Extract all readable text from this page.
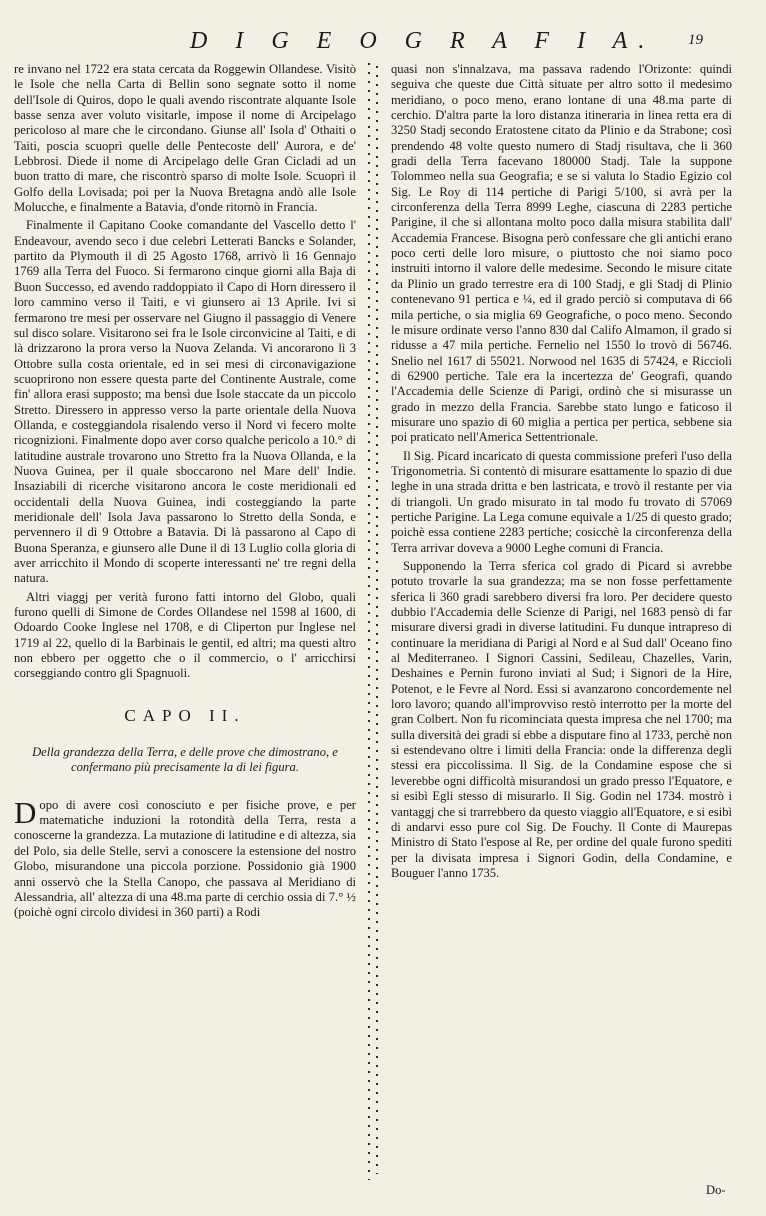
D I G E O G R A F I A. 19

re invano nel 1722 era stata cercata da Roggewin Ollandese. Visitò le Isole che nella Carta di Bellin sono segnate sotto il nome dell'Isole di Quiros, dopo le quali avendo riscontrate alquante Isole basse senza aver voluto visitarle, impose il nome di Arcipelago pericoloso al mare che le circondano. Giunse all' Isola d' Othaiti o Taiti, poscia scuoprì quelle delle Pentecoste dell' Aurora, e de' Lebbrosi. Diede il nome di Arcipelago delle Gran Cicladi ad un buon tratto di mare, che riscontrò sparso di molte Isole. Scuoprì il Golfo della Lovisada; poi per la Nuova Bretagna andò alle Isole Molucche, e finalmente a Batavia, d'onde ritornò in Francia.

Finalmente il Capitano Cooke comandante del Vascello detto l' Endeavour, avendo seco i due celebri Letterati Bancks e Solander, partito da Plymouth il dì 25 Agosto 1768, arrivò lì 16 Gennajo 1769 alla Terra del Fuoco. Si fermarono cinque giorni alla Baja di Buon Successo, ed avendo raddoppiato il Capo di Horn diressero il loro cammino verso il Taiti, e vi giunsero ai 13 Aprile. Ivi si fermarono tre mesi per osservare nel Giugno il passaggio di Venere sul disco solare. Visitarono sei fra le Isole circonvicine al Taiti, e di là drizzarono la prora verso la Nuova Zelanda. Vi ancorarono lì 3 Ottobre sulla costa orientale, ed in sei mesi di circonavigazione scuoprirono non essere questa parte del Continente Australe, come fin' allora erasi supposto; ma bensì due Isole staccate da un piccolo Stretto. Diressero in appresso verso la parte orientale della Nuova Ollanda, e costeggiandola risalendo verso il Nord vi fecero molte ricognizioni. Finalmente dopo aver corso qualche pericolo a 10.° di latitudine australe trovarono uno Stretto fra la Nuova Ollanda, e la Nuova Guinea, per il quale sboccarono nel Mare dell' Indie. Insaziabili di ricerche visitarono ancora le coste meridionali ed occidentali della Nuova Guinea, indi costeggiando la parte meridionale dell' Isola Java passarono lo Stretto della Sonda, e pervennero il dì 9 Ottobre a Batavia. Di là passarono al Capo di Buona Speranza, e giunsero alle Dune il dì 13 Luglio colla gloria di aver arricchito il Mondo di scoperte interessanti ne' tre regni della natura.

Altri viaggj per verità furono fatti intorno del Globo, quali furono quelli di Simone de Cordes Ollandese nel 1598 al 1600, di Odoardo Cooke Inglese nel 1708, e di Cliperton pur Inglese nel 1719 al 22, quello di la Barbinais le gentil, ed altri; ma questi altro non ebbero per oggetto che o il commercio, o l' arricchirsi corseggiando contro gli Spagnuoli.

CAPO II.
Della grandezza della Terra, e delle prove che dimostrano, e confermano più precisamente la di lei figura.

Dopo di avere così conosciuto e per fisiche prove, e per matematiche induzioni la rotondità della Terra, resta a conoscerne la grandezza. La mutazione di latitudine e di altezza, sia del Polo, sia delle Stelle, servì a conoscere la estensione del nostro Globo, misurandone una piccola porzione. Possidonio già 1900 anni osservò che la Stella Canopo, che passava al Meridiano di Alessandria, all' altezza di una 48.ma parte di cerchio ossia di 7.° ½ (poichè ogni circolo dividesi in 360 parti) a Rodi

quasi non s'innalzava, ma passava radendo l'Orizonte: quindi seguiva che queste due Città situate per altro sotto il medesimo meridiano, o poco meno, erano lontane di una 48.ma parte di cerchio. D'altra parte la loro distanza itineraria in linea retta era di 3250 Stadj secondo Eratostene citato da Plinio e da Strabone; così prendendo 48 volte questo numero di Stadj risultava, che li 360 gradi della Terra facevano 180000 Stadj. Tale la suppone Tolommeo nella sua Geografia; e se si valuta lo Stadio Egizio col Sig. Le Roy di 114 pertiche di Parigi 5/100, si avrà per la circonferenza della Terra 8999 Leghe, ciascuna di 2283 pertiche Parigine, il che si allontana molto poco dalla misura stabilita dall' Accademia Francese. Bisogna però confessare che gli antichi erano poco certi delle loro misure, o piuttosto che noi siamo poco instruiti intorno il valore delle medesime. Secondo le misure citate da Plinio un grado terrestre era di 100 Stadj, e gli Stadj di Plinio contenevano 91 pertica e ¼, ed il grado perciò si computava di 66 mila pertiche, o sia miglia 69 Geografiche, o poco meno. Secondo le misure ordinate verso l'anno 830 dal Califo Almamon, il grado si ridusse a 47 mila pertiche. Fernelio nel 1550 lo trovò di 56746. Snelio nel 1617 di 55021. Norwood nel 1635 di 57424, e Riccioli di 62900 pertiche. Tale era la incertezza de' Geografi, quando l'Accademia delle Scienze di Parigi, ordinò che si misurasse un grado in mezzo della Francia. Sarebbe stato lungo e faticoso il misurare uno spazio di 60 miglia a pertica per pertica, sebbene sia poi praticato nell'America Settentrionale.

Il Sig. Picard incaricato di questa commissione preferì l'uso della Trigonometria. Si contentò di misurare esattamente lo spazio di due leghe in una strada dritta e ben lastricata, e trovò il restante per via di triangoli. Un grado misurato in tal modo fu trovato di 57069 pertiche Parigine. La Lega comune equivale a 1/25 di questo grado; poichè essa contiene 2283 pertiche; cosicchè la circonferenza della Terra arrivar doveva a 9000 Leghe comuni di Francia.

Supponendo la Terra sferica col grado di Picard si avrebbe potuto trovarle la sua grandezza; ma se non fosse perfettamente sferica li 360 gradi sarebbero diversi fra loro. Per decidere questo dubbio l'Accademia delle Scienze di Parigi, nel 1683 pensò di far misurare diversi gradi in diverse latitudini. Fu dunque intrapreso di continuare la meridiana di Parigi al Nord e al Sud dall' Oceano fino al Mediterraneo. I Signori Cassini, Sedileau, Chazelles, Varin, Deshaines e Pernin furono inviati al Sud; i Signori de la Hire, Potenot, e le Fevre al Nord. Essi si avanzarono concordemente nel loro lavoro; quando all'improvviso restò interrotto per la morte del gran Colbert. Non fu ricominciata questa impresa che nel 1700; ma sulla diversità dei gradi si ebbe a disputare fino al 1733, perchè non si estendevano oltre i limiti della Francia: onde la differenza degli stessi era piccolissima. Il Sig. de la Condamine espose che si leverebbe ogni difficoltà misurandosi un grado presso l'Equatore, e si esibì Egli stesso di misurarlo. Il Sig. Godin nel 1734. mostrò i vantaggj che si trarrebbero da questo viaggio all'Equatore, e si esibì di andarvi esso pure col Sig. De Fouchy. Il Conte di Maurepas Ministro di Stato l'espose al Re, per ordine del quale furono spediti per la divisata impresa i Signori Godin, della Condamine, e Bouguer l'anno 1735.

Do-
